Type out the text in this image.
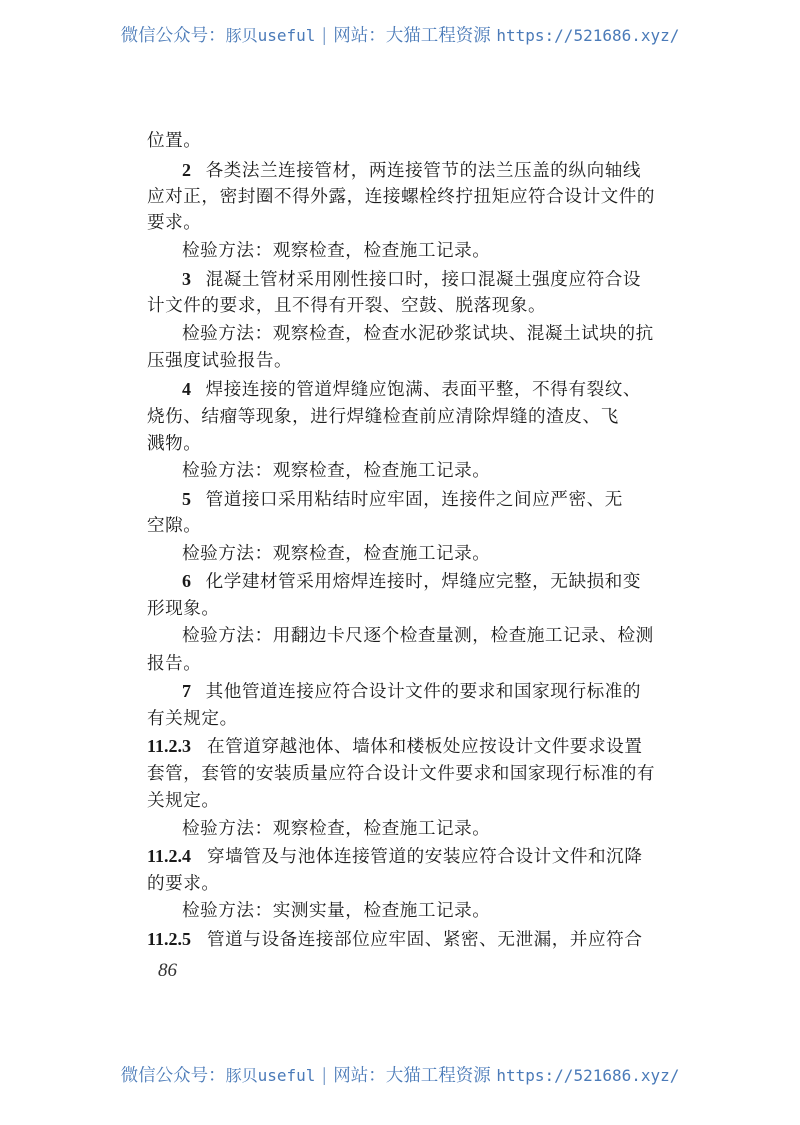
微信公众号：豚贝useful | 网站：大猫工程资源 https://521686.xyz/
位置。
2 各类法兰连接管材，两连接管节的法兰压盖的纵向轴线
应对正，密封圈不得外露，连接螺栓终拧扭矩应符合设计文件的
要求。
检验方法：观察检查，检查施工记录。
3 混凝土管材采用刚性接口时，接口混凝土强度应符合设
计文件的要求，且不得有开裂、空鼓、脱落现象。
检验方法：观察检查，检查水泥砂浆试块、混凝土试块的抗
压强度试验报告。
4 焊接连接的管道焊缝应饱满、表面平整，不得有裂纹、
烧伤、结瘤等现象，进行焊缝检查前应清除焊缝的渣皮、飞
溅物。
检验方法：观察检查，检查施工记录。
5 管道接口采用粘结时应牢固，连接件之间应严密、无
空隙。
检验方法：观察检查，检查施工记录。
6 化学建材管采用熔焊连接时，焊缝应完整，无缺损和变
形现象。
检验方法：用翻边卡尺逐个检查量测，检查施工记录、检测
报告。
7 其他管道连接应符合设计文件的要求和国家现行标准的
有关规定。
11.2.3 在管道穿越池体、墙体和楼板处应按设计文件要求设置
套管，套管的安装质量应符合设计文件要求和国家现行标准的有
关规定。
检验方法：观察检查，检查施工记录。
11.2.4 穿墙管及与池体连接管道的安装应符合设计文件和沉降
的要求。
检验方法：实测实量，检查施工记录。
11.2.5 管道与设备连接部位应牢固、紧密、无泄漏，并应符合
86
微信公众号：豚贝useful | 网站：大猫工程资源 https://521686.xyz/
